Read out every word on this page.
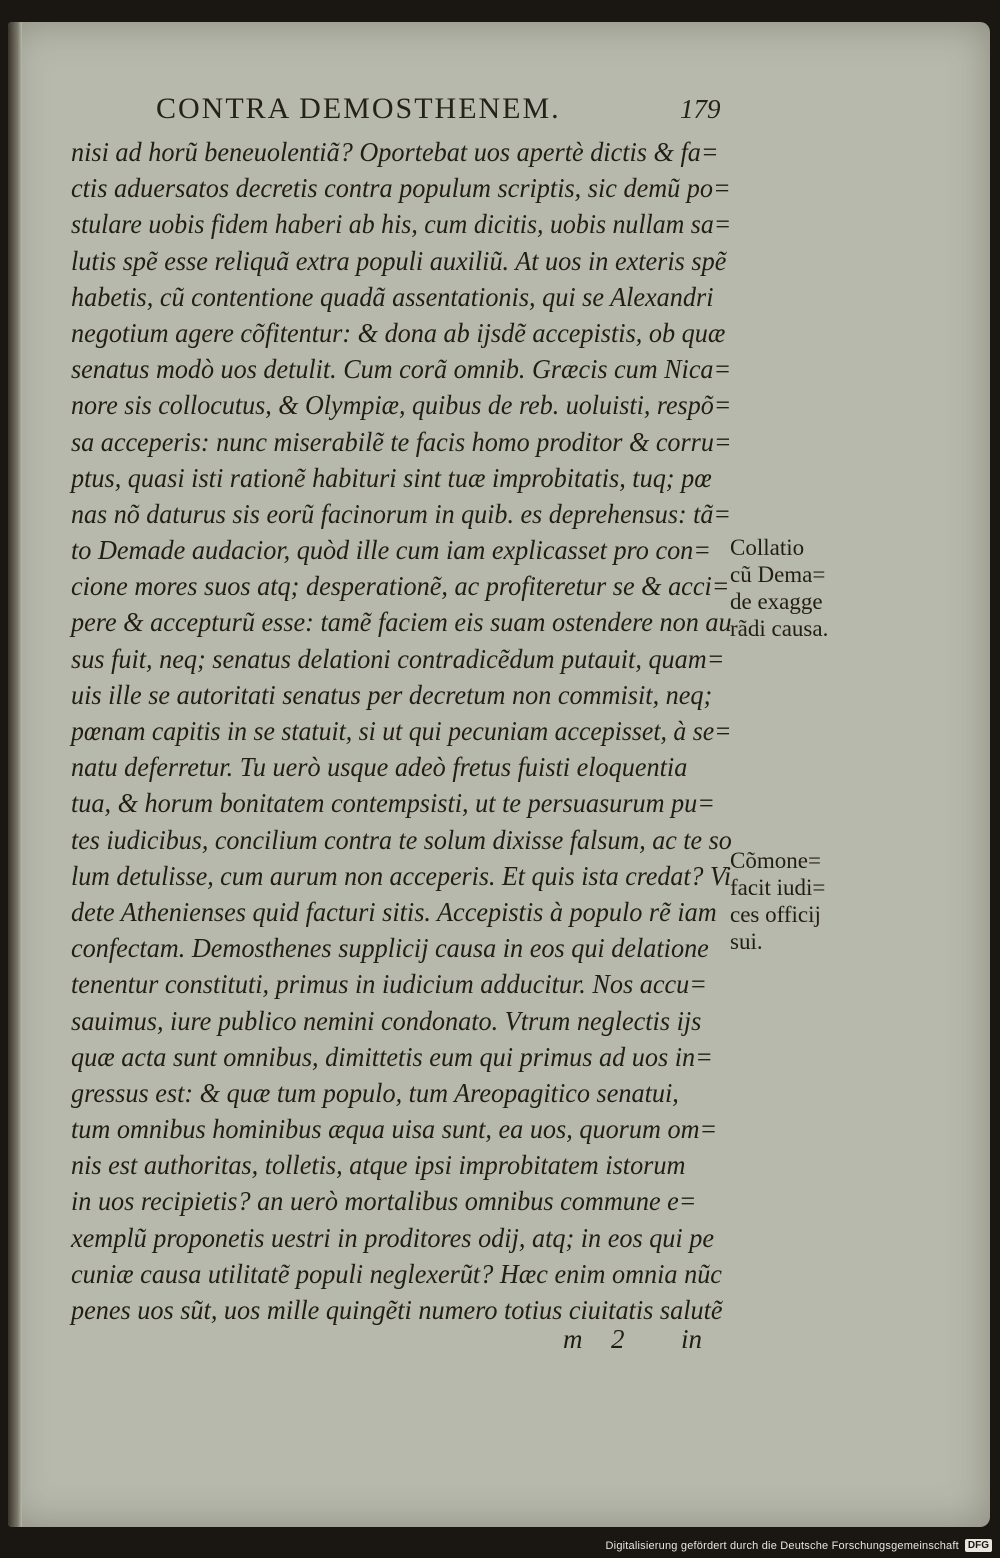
CONTRA DEMOSTHENEM.	179
nisi ad horũ beneuolentiã? Oportebat uos apertè dictis & fa=
ctis aduersatos decretis contra populum scriptis, sic demũ po=
stulare uobis fidem haberi ab his, cum dicitis, uobis nullam sa=
lutis spẽ esse reliquã extra populi auxiliũ. At uos in exteris spẽ
habetis, cũ contentione quadã assentationis, qui se Alexandri
negotium agere cõfitentur: & dona ab ijsdẽ accepistis, ob quæ
senatus modò uos detulit. Cum corã omnib. Græcis cum Nica=
nore sis collocutus, & Olympiæ, quibus de reb. uoluisti, respõ=
sa acceperis: nunc miserabilẽ te facis homo proditor & corru=
ptus, quasi isti rationẽ habituri sint tuæ improbitatis, tuq; pœ
nas nõ daturus sis eorũ facinorum in quib. es deprehensus: tã=
to Demade audacior, quòd ille cum iam explicasset pro con=
cione mores suos atq; desperationẽ, ac profiteretur se & acci=
pere & accepturũ esse: tamẽ faciem eis suam ostendere non au
sus fuit, neq; senatus delationi contradicẽdum putauit, quam=
uis ille se autoritati senatus per decretum non commisit, neq;
pœnam capitis in se statuit, si ut qui pecuniam accepisset, à se=
natu deferretur. Tu uerò usque adeò fretus fuisti eloquentia
tua, & horum bonitatem contempsisti, ut te persuasurum pu=
tes iudicibus, concilium contra te solum dixisse falsum, ac te so
lum detulisse, cum aurum non acceperis. Et quis ista credat? Vi
dete Athenienses quid facturi sitis. Accepistis à populo rẽ iam
confectam. Demosthenes supplicij causa in eos qui delatione
tenentur constituti, primus in iudicium adducitur. Nos accu=
sauimus, iure publico nemini condonato. Vtrum neglectis ijs
quæ acta sunt omnibus, dimittetis eum qui primus ad uos in=
gressus est: & quæ tum populo, tum Areopagitico senatui,
tum omnibus hominibus æqua uisa sunt, ea uos, quorum om=
nis est authoritas, tolletis, atque ipsi improbitatem istorum
in uos recipietis? an uerò mortalibus omnibus commune e=
xemplũ proponetis uestri in proditores odij, atq; in eos qui pe
cuniæ causa utilitatẽ populi neglexerũt? Hæc enim omnia nũc
penes uos sũt, uos mille quingẽti numero totius ciuitatis salutẽ
Collatio
cũ Dema=
de exagge
rãdi causa.
Cõmone=
facit iudi=
ces officij
sui.
m 2 in
Digitalisierung gefördert durch die Deutsche Forschungsgemeinschaft DFG
